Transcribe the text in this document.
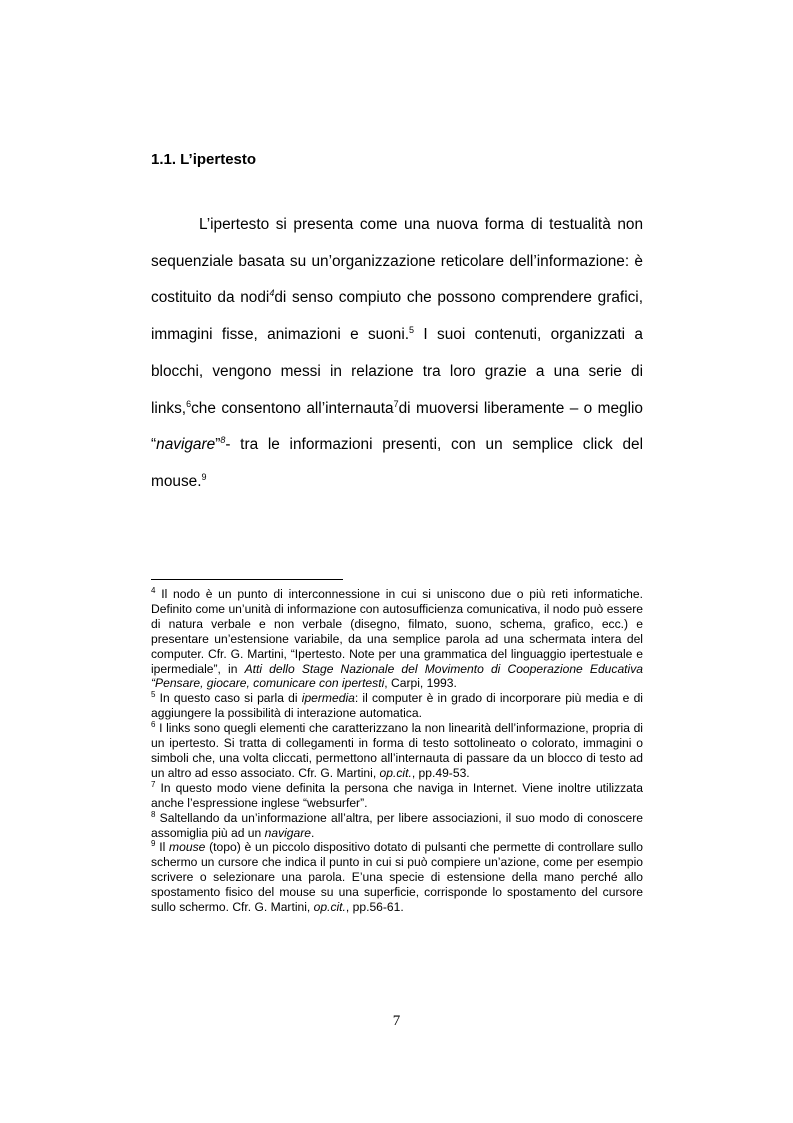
1.1. L’ipertesto

L’ipertesto si presenta come una nuova forma di testualità non sequenziale basata su un’organizzazione reticolare dell’informazione: è costituito da nodi$^4$di senso compiuto che possono comprendere grafici, immagini fisse, animazioni e suoni.$^5$ I suoi contenuti, organizzati a blocchi, vengono messi in relazione tra loro grazie a una serie di links,$^6$che consentono all’internauta$^7$di muoversi liberamente – o meglio “navigare”$^8$- tra le informazioni presenti, con un semplice click del mouse.$^9$

$^4$ Il nodo è un punto di interconnessione in cui si uniscono due o più reti informatiche. Definito come un’unità di informazione con autosufficienza comunicativa, il nodo può essere di natura verbale e non verbale (disegno, filmato, suono, schema, grafico, ecc.) e presentare un’estensione variabile, da una semplice parola ad una schermata intera del computer. Cfr. G. Martini, “Ipertesto. Note per una grammatica del linguaggio ipertestuale e ipermediale”, in Atti dello Stage Nazionale del Movimento di Cooperazione Educativa “Pensare, giocare, comunicare con ipertesti, Carpi, 1993.

$^5$ In questo caso si parla di ipermedia: il computer è in grado di incorporare più media e di aggiungere la possibilità di interazione automatica.

$^6$ I links sono quegli elementi che caratterizzano la non linearità dell’informazione, propria di un ipertesto. Si tratta di collegamenti in forma di testo sottolineato o colorato, immagini o simboli che, una volta cliccati, permettono all’internauta di passare da un blocco di testo ad un altro ad esso associato. Cfr. G. Martini, op.cit., pp.49-53.

$^7$ In questo modo viene definita la persona che naviga in Internet. Viene inoltre utilizzata anche l’espressione inglese “websurfer”.

$^8$ Saltellando da un’informazione all’altra, per libere associazioni, il suo modo di conoscere assomiglia più ad un navigare.

$^9$ Il mouse (topo) è un piccolo dispositivo dotato di pulsanti che permette di controllare sullo schermo un cursore che indica il punto in cui si può compiere un’azione, come per esempio scrivere o selezionare una parola. E’una specie di estensione della mano perché allo spostamento fisico del mouse su una superficie, corrisponde lo spostamento del cursore sullo schermo. Cfr. G. Martini, op.cit., pp.56-61.

7
